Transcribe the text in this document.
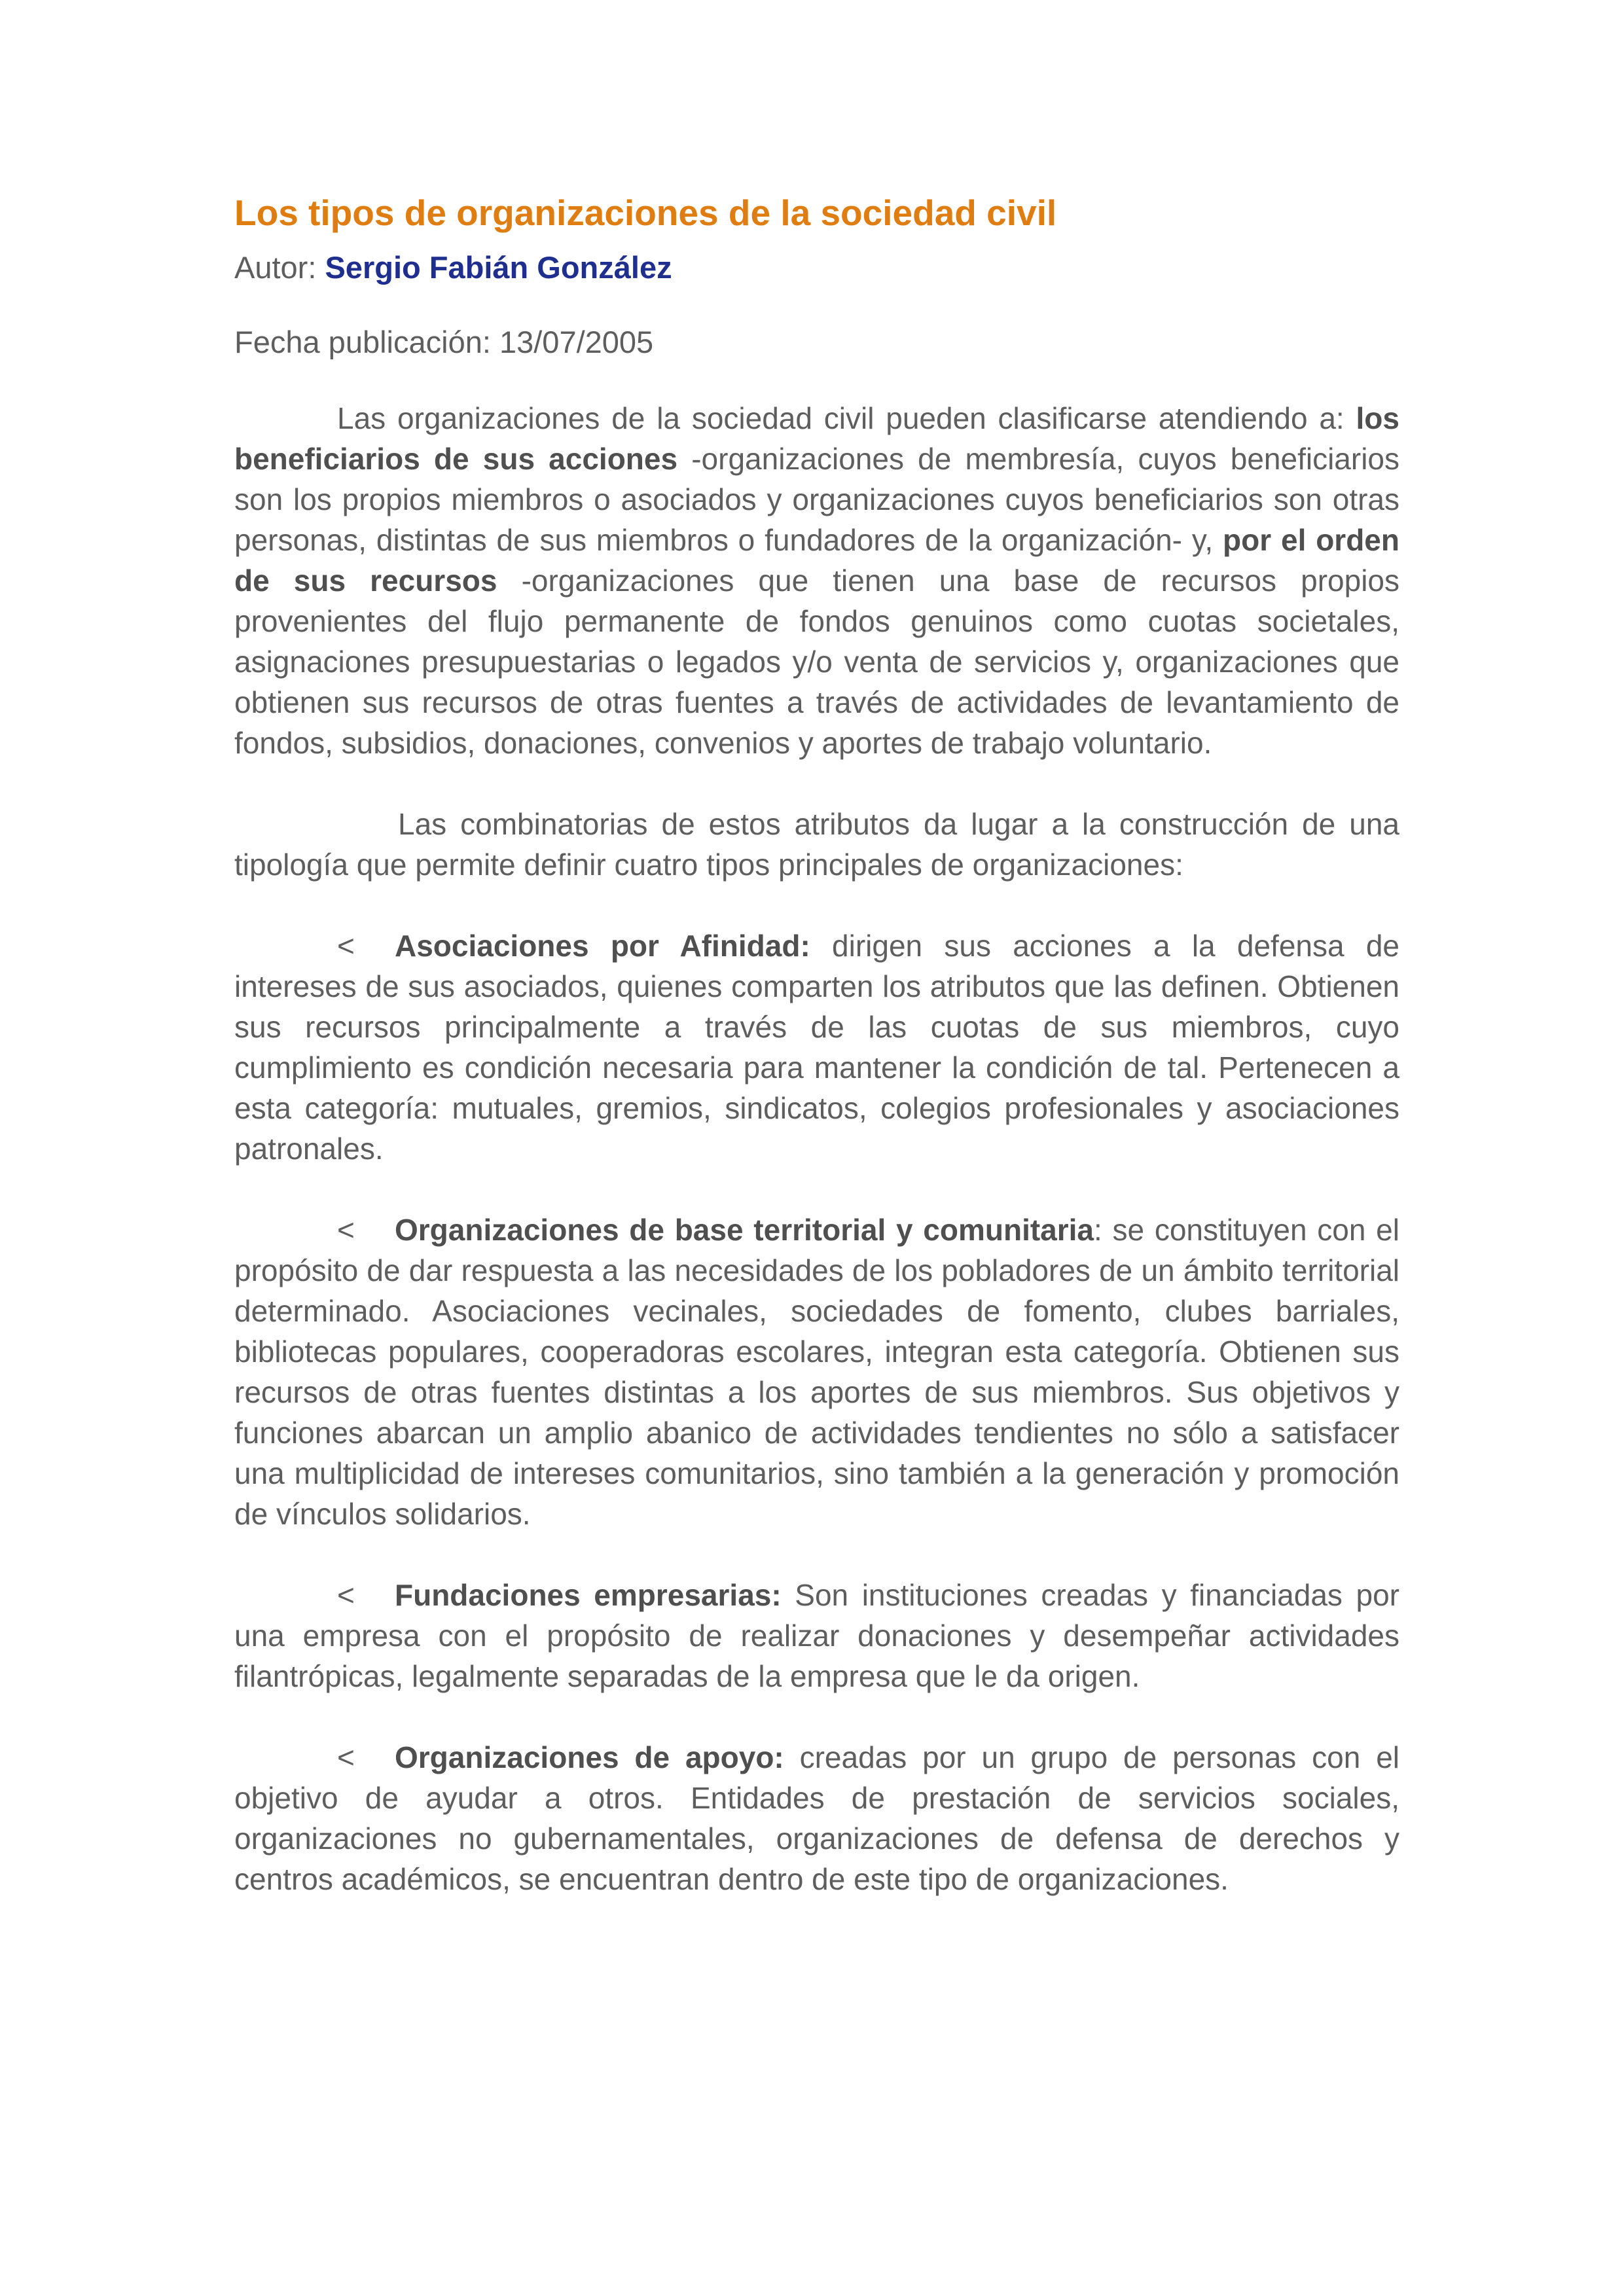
Los tipos de organizaciones de la sociedad civil
Autor: Sergio Fabián González
Fecha publicación: 13/07/2005

Las organizaciones de la sociedad civil pueden clasificarse atendiendo a: los beneficiarios de sus acciones -organizaciones de membresía, cuyos beneficiarios son los propios miembros o asociados y organizaciones cuyos beneficiarios son otras personas, distintas de sus miembros o fundadores de la organización- y, por el orden de sus recursos -organizaciones que tienen una base de recursos propios provenientes del flujo permanente de fondos genuinos como cuotas societales, asignaciones presupuestarias o legados y/o venta de servicios y, organizaciones que obtienen sus recursos de otras fuentes a través de actividades de levantamiento de fondos, subsidios, donaciones, convenios y aportes de trabajo voluntario.

Las combinatorias de estos atributos da lugar a la construcción de una tipología que permite definir cuatro tipos principales de organizaciones:

< Asociaciones por Afinidad: dirigen sus acciones a la defensa de intereses de sus asociados, quienes comparten los atributos que las definen. Obtienen sus recursos principalmente a través de las cuotas de sus miembros, cuyo cumplimiento es condición necesaria para mantener la condición de tal. Pertenecen a esta categoría: mutuales, gremios, sindicatos, colegios profesionales y asociaciones patronales.

< Organizaciones de base territorial y comunitaria: se constituyen con el propósito de dar respuesta a las necesidades de los pobladores de un ámbito territorial determinado. Asociaciones vecinales, sociedades de fomento, clubes barriales, bibliotecas populares, cooperadoras escolares, integran esta categoría. Obtienen sus recursos de otras fuentes distintas a los aportes de sus miembros. Sus objetivos y funciones abarcan un amplio abanico de actividades tendientes no sólo a satisfacer una multiplicidad de intereses comunitarios, sino también a la generación y promoción de vínculos solidarios.

< Fundaciones empresarias: Son instituciones creadas y financiadas por una empresa con el propósito de realizar donaciones y desempeñar actividades filantrópicas, legalmente separadas de la empresa que le da origen.

< Organizaciones de apoyo: creadas por un grupo de personas con el objetivo de ayudar a otros. Entidades de prestación de servicios sociales, organizaciones no gubernamentales, organizaciones de defensa de derechos y centros académicos, se encuentran dentro de este tipo de organizaciones.
